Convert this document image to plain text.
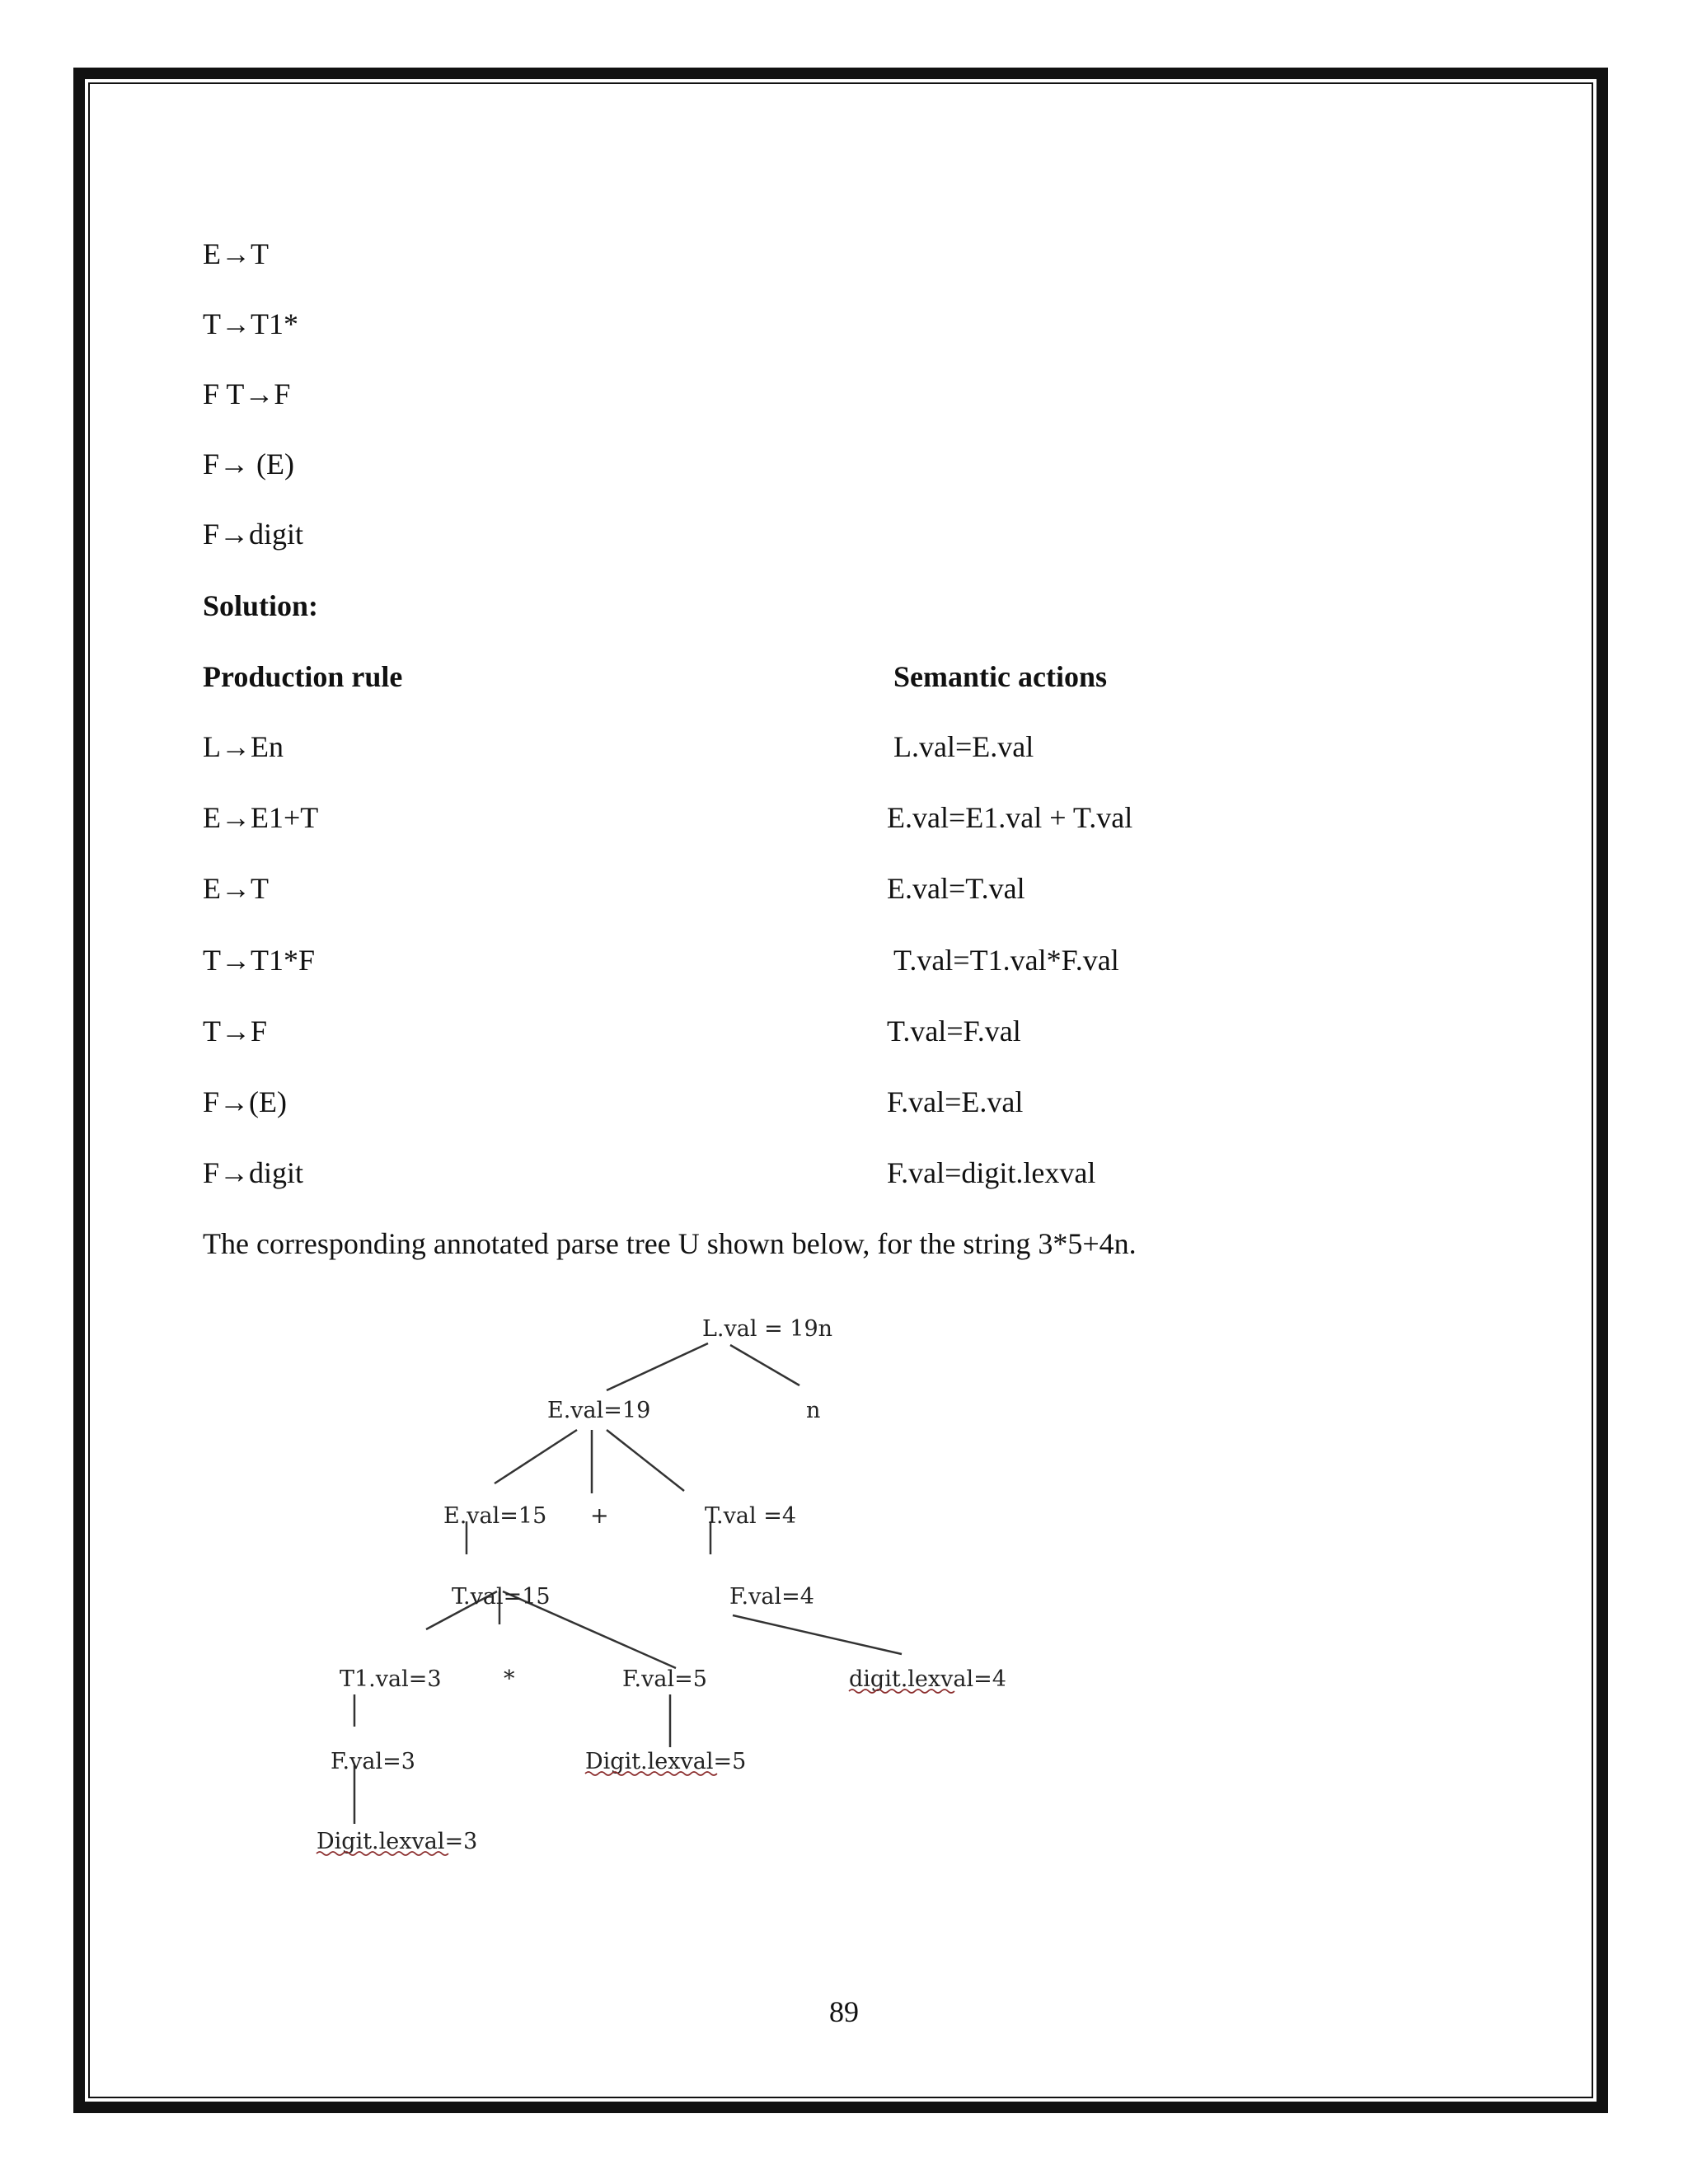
E→T
T→T1*
F T→F
F→ (E)
F→digit
Solution:
Production rule	Semantic actions
L→En	L.val=E.val
E→E1+T	E.val=E1.val + T.val
E→T	E.val=T.val
T→T1*F	T.val=T1.val*F.val
T→F	T.val=F.val
F→(E)	F.val=E.val
F→digit	F.val=digit.lexval
The corresponding annotated parse tree U shown below, for the string 3*5+4n.
L.val = 19n
E.val=19	n
E.val=15 +	T.val =4
T.val=15	F.val=4
T1.val=3	*	F.val=5	digit.lexval=4
F.val=3	Digit.lexval=5
Digit.lexval=3
89
